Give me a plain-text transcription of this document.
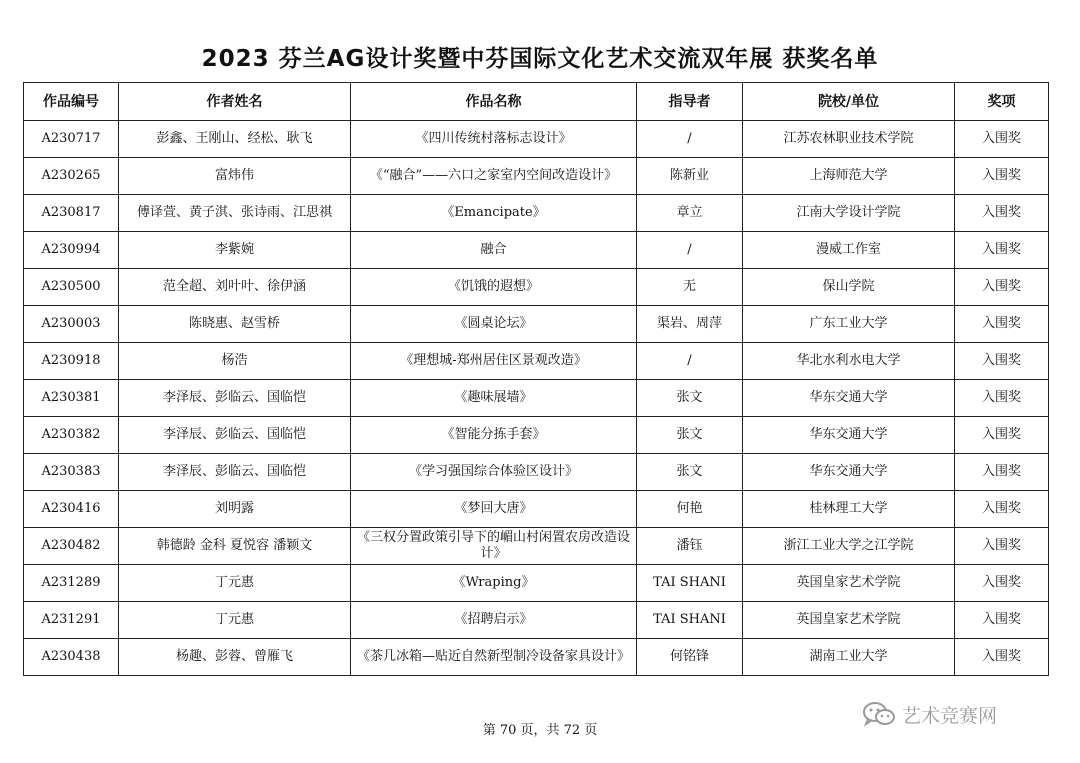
2023 芬兰AG设计奖暨中芬国际文化艺术交流双年展 获奖名单
作品编号	作者姓名	作品名称	指导者	院校/单位	奖项
A230717	彭鑫、王刚山、经松、耿飞	《四川传统村落标志设计》	/	江苏农林职业技术学院	入围奖
A230265	富炜伟	《“融合”——六口之家室内空间改造设计》	陈新业	上海师范大学	入围奖
A230817	傅译萱、黄子淇、张诗雨、江思祺	《Emancipate》	章立	江南大学设计学院	入围奖
A230994	李紫婉	融合	/	漫威工作室	入围奖
A230500	范全超、刘叶叶、徐伊涵	《饥饿的遐想》	无	保山学院	入围奖
A230003	陈晓惠、赵雪桥	《圆桌论坛》	渠岩、周萍	广东工业大学	入围奖
A230918	杨浩	《理想城-郑州居住区景观改造》	/	华北水利水电大学	入围奖
A230381	李泽辰、彭临云、国临恺	《趣味展墙》	张文	华东交通大学	入围奖
A230382	李泽辰、彭临云、国临恺	《智能分拣手套》	张文	华东交通大学	入围奖
A230383	李泽辰、彭临云、国临恺	《学习强国综合体验区设计》	张文	华东交通大学	入围奖
A230416	刘明露	《梦回大唐》	何艳	桂林理工大学	入围奖
A230482	韩德龄 金科 夏悦容 潘颖文	《三权分置政策引导下的嵋山村闲置农房改造设计》	潘钰	浙江工业大学之江学院	入围奖
A231289	丁元惠	《Wraping》	TAI SHANI	英国皇家艺术学院	入围奖
A231291	丁元惠	《招聘启示》	TAI SHANI	英国皇家艺术学院	入围奖
A230438	杨趣、彭蓉、曾雁飞	《茶几冰箱—贴近自然新型制冷设备家具设计》	何铭锋	湖南工业大学	入围奖
第 70 页，共 72 页
艺术竞赛网
